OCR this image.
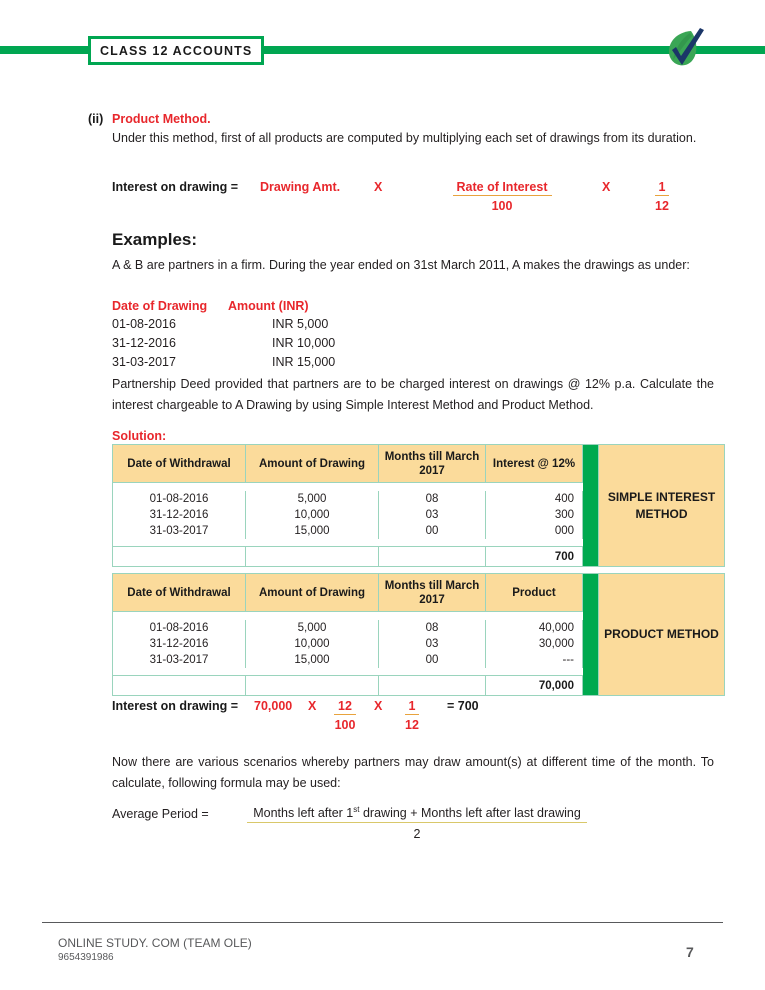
CLASS 12 ACCOUNTS
(ii) Product Method.
Under this method, first of all products are computed by multiplying each set of drawings from its duration.
Interest on drawing = Drawing Amt.	X	Rate of Interest
100
X $\frac{1}{12}$
Examples:
A & B are partners in a firm. During the year ended on 31st March 2011, A makes the drawings as under:
Date of Drawing Amount (INR)
01-08-2016	INR 5,000
31-12-2016	INR 10,000
31-03-2017	INR 15,000
Partnership Deed provided that partners are to be charged interest on drawings @ 12% p.a. Calculate the interest chargeable to A Drawing by using Simple Interest Method and Product Method.
Solution:
Date of Withdrawal	Amount of Drawing
Months till March 2017
Interest @ 12%
01-08-2016	5,000	08	400
31-12-2016	10,000	03	300
31-03-2017	15,000	00	000
700
SIMPLE INTEREST METHOD
Date of Withdrawal	Amount of Drawing
Months till March 2017
Product
01-08-2016	5,000	08	40,000
31-12-2016	10,000	03	30,000
31-03-2017	15,000	00	---
70,000
PRODUCT METHOD
Interest on drawing = 70,000 X $\frac{12}{100}$ X $\frac{1}{12} = 700$
Now there are various scenarios whereby partners may draw amount(s) at different time of the month. To calculate, following formula may be used:
Average Period =	Months left after 1st drawing + Months left after last drawing
2
ONLINE STUDY. COM (TEAM OLE)
9654391986	7
